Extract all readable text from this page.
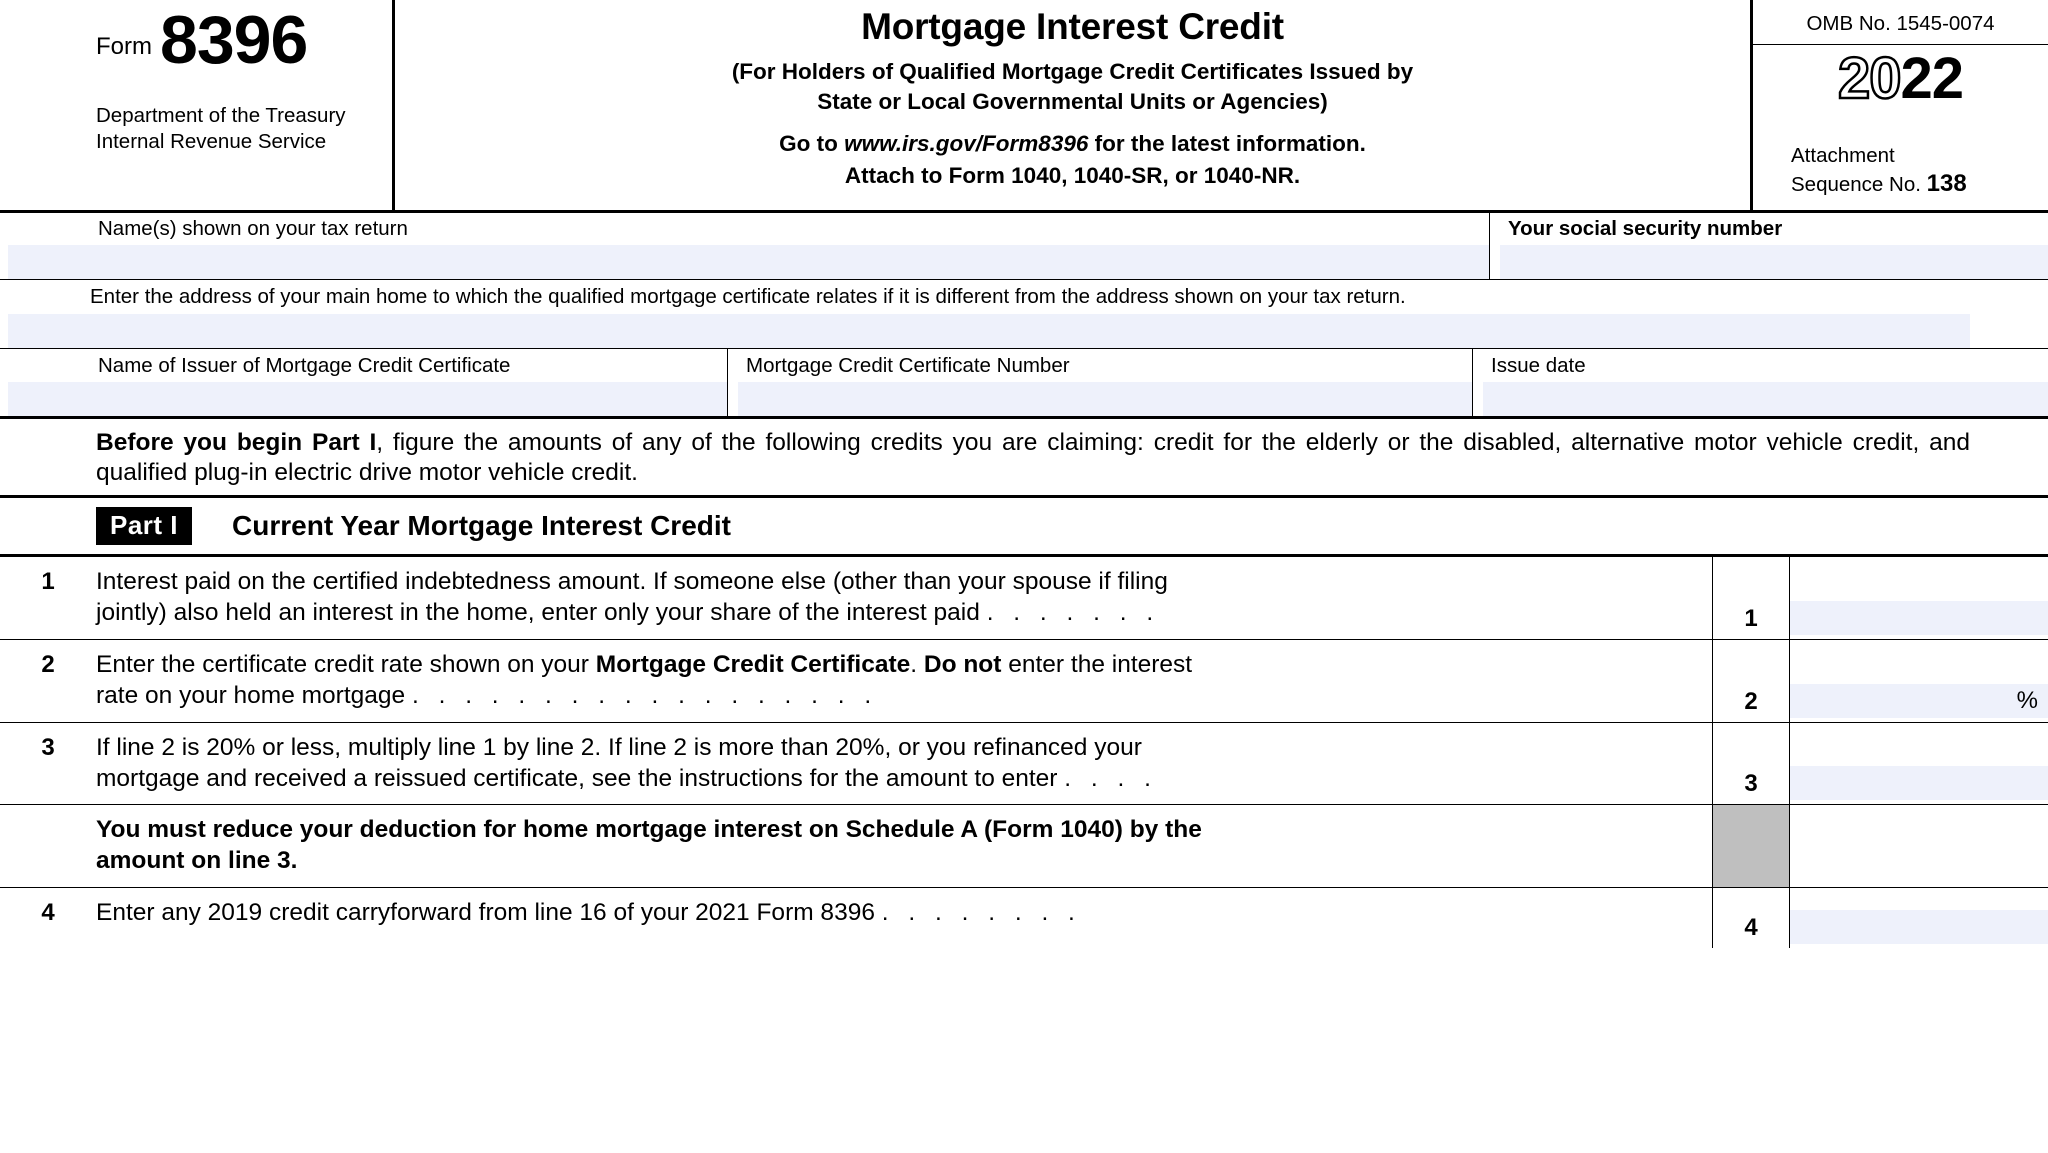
Form 8396
Department of the Treasury
Internal Revenue Service
Mortgage Interest Credit
(For Holders of Qualified Mortgage Credit Certificates Issued by
State or Local Governmental Units or Agencies)
Go to www.irs.gov/Form8396 for the latest information.
Attach to Form 1040, 1040-SR, or 1040-NR.
OMB No. 1545-0074
2022
Attachment
Sequence No. 138
Name(s) shown on your tax return	Your social security number
Enter the address of your main home to which the qualified mortgage certificate relates if it is different from the address shown on your tax return.
Name of Issuer of Mortgage Credit Certificate	Mortgage Credit Certificate Number	Issue date
Before you begin Part I, figure the amounts of any of the following credits you are claiming: credit for the elderly or the disabled, alternative motor vehicle credit, and qualified plug-in electric drive motor vehicle credit.
Part I	Current Year Mortgage Interest Credit
1	Interest paid on the certified indebtedness amount. If someone else (other than your spouse if filing
jointly) also held an interest in the home, enter only your share of the interest paid . . . . . . .	1
2	Enter the certificate credit rate shown on your Mortgage Credit Certificate. Do not enter the interest
rate on your home mortgage . . . . . . . . . . . . . . . . . .	2	%
3	If line 2 is 20% or less, multiply line 1 by line 2. If line 2 is more than 20%, or you refinanced your
mortgage and received a reissued certificate, see the instructions for the amount to enter . . . .	3
You must reduce your deduction for home mortgage interest on Schedule A (Form 1040) by the
amount on line 3.
4	Enter any 2019 credit carryforward from line 16 of your 2021 Form 8396 . . . . . . . .
4
